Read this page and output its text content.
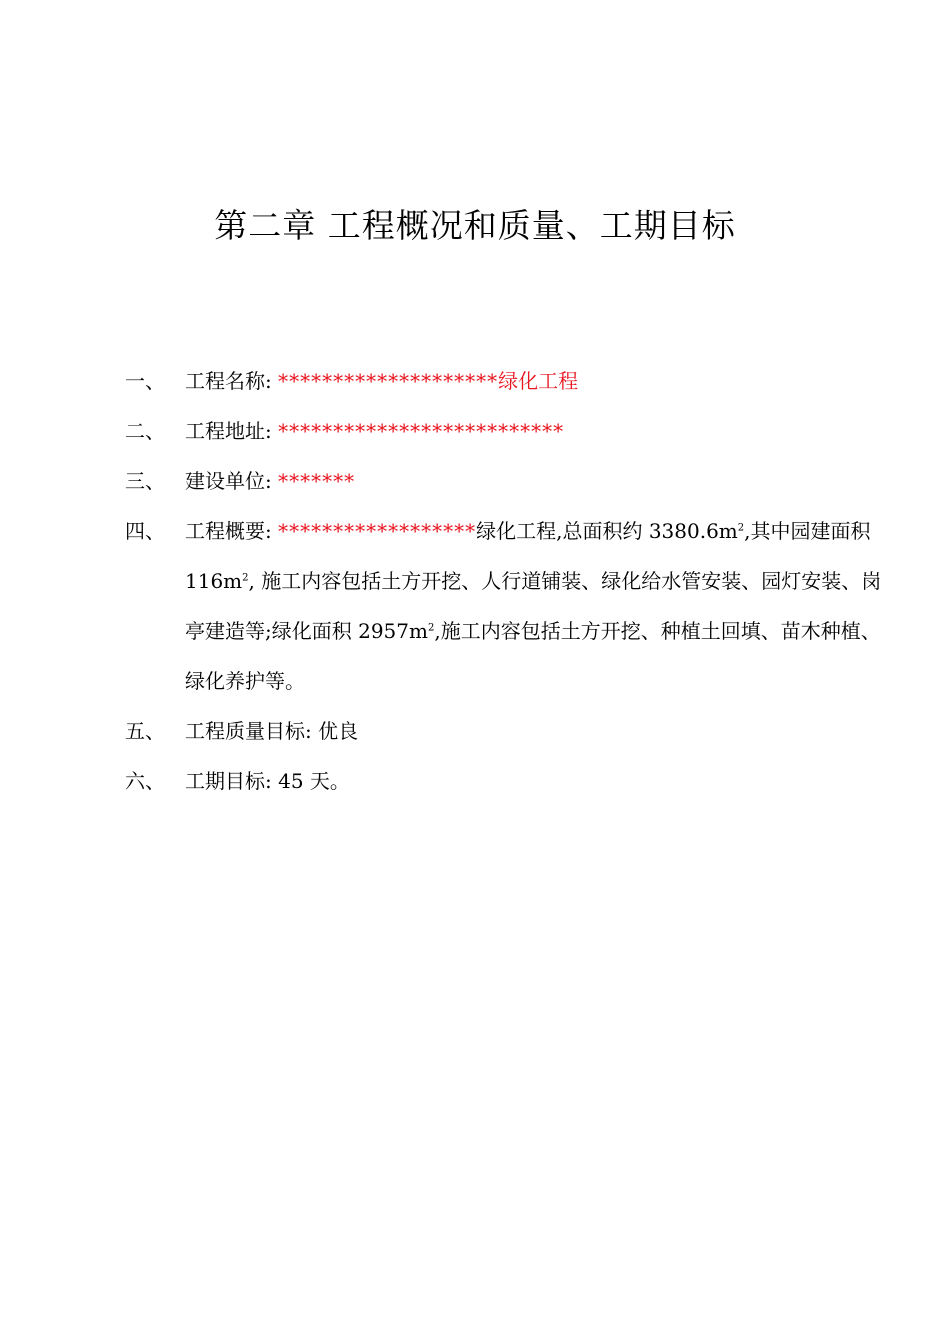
第二章 工程概况和质量、工期目标
一、	工程名称: ********************绿化工程
二、	工程地址: **************************
三、	建设单位: *******
四、	工程概要: ******************绿化工程,总面积约 $3380.6m^2$,其中园建面积 $116m^2$, 施工内容包括土方开挖、人行道铺装、绿化给水管安装、园灯安装、岗亭建造等;绿化面积 $2957m^2$,施工内容包括土方开挖、种植土回填、苗木种植、绿化养护等。
五、	工程质量目标: 优良
六、	工期目标: 45 天。
